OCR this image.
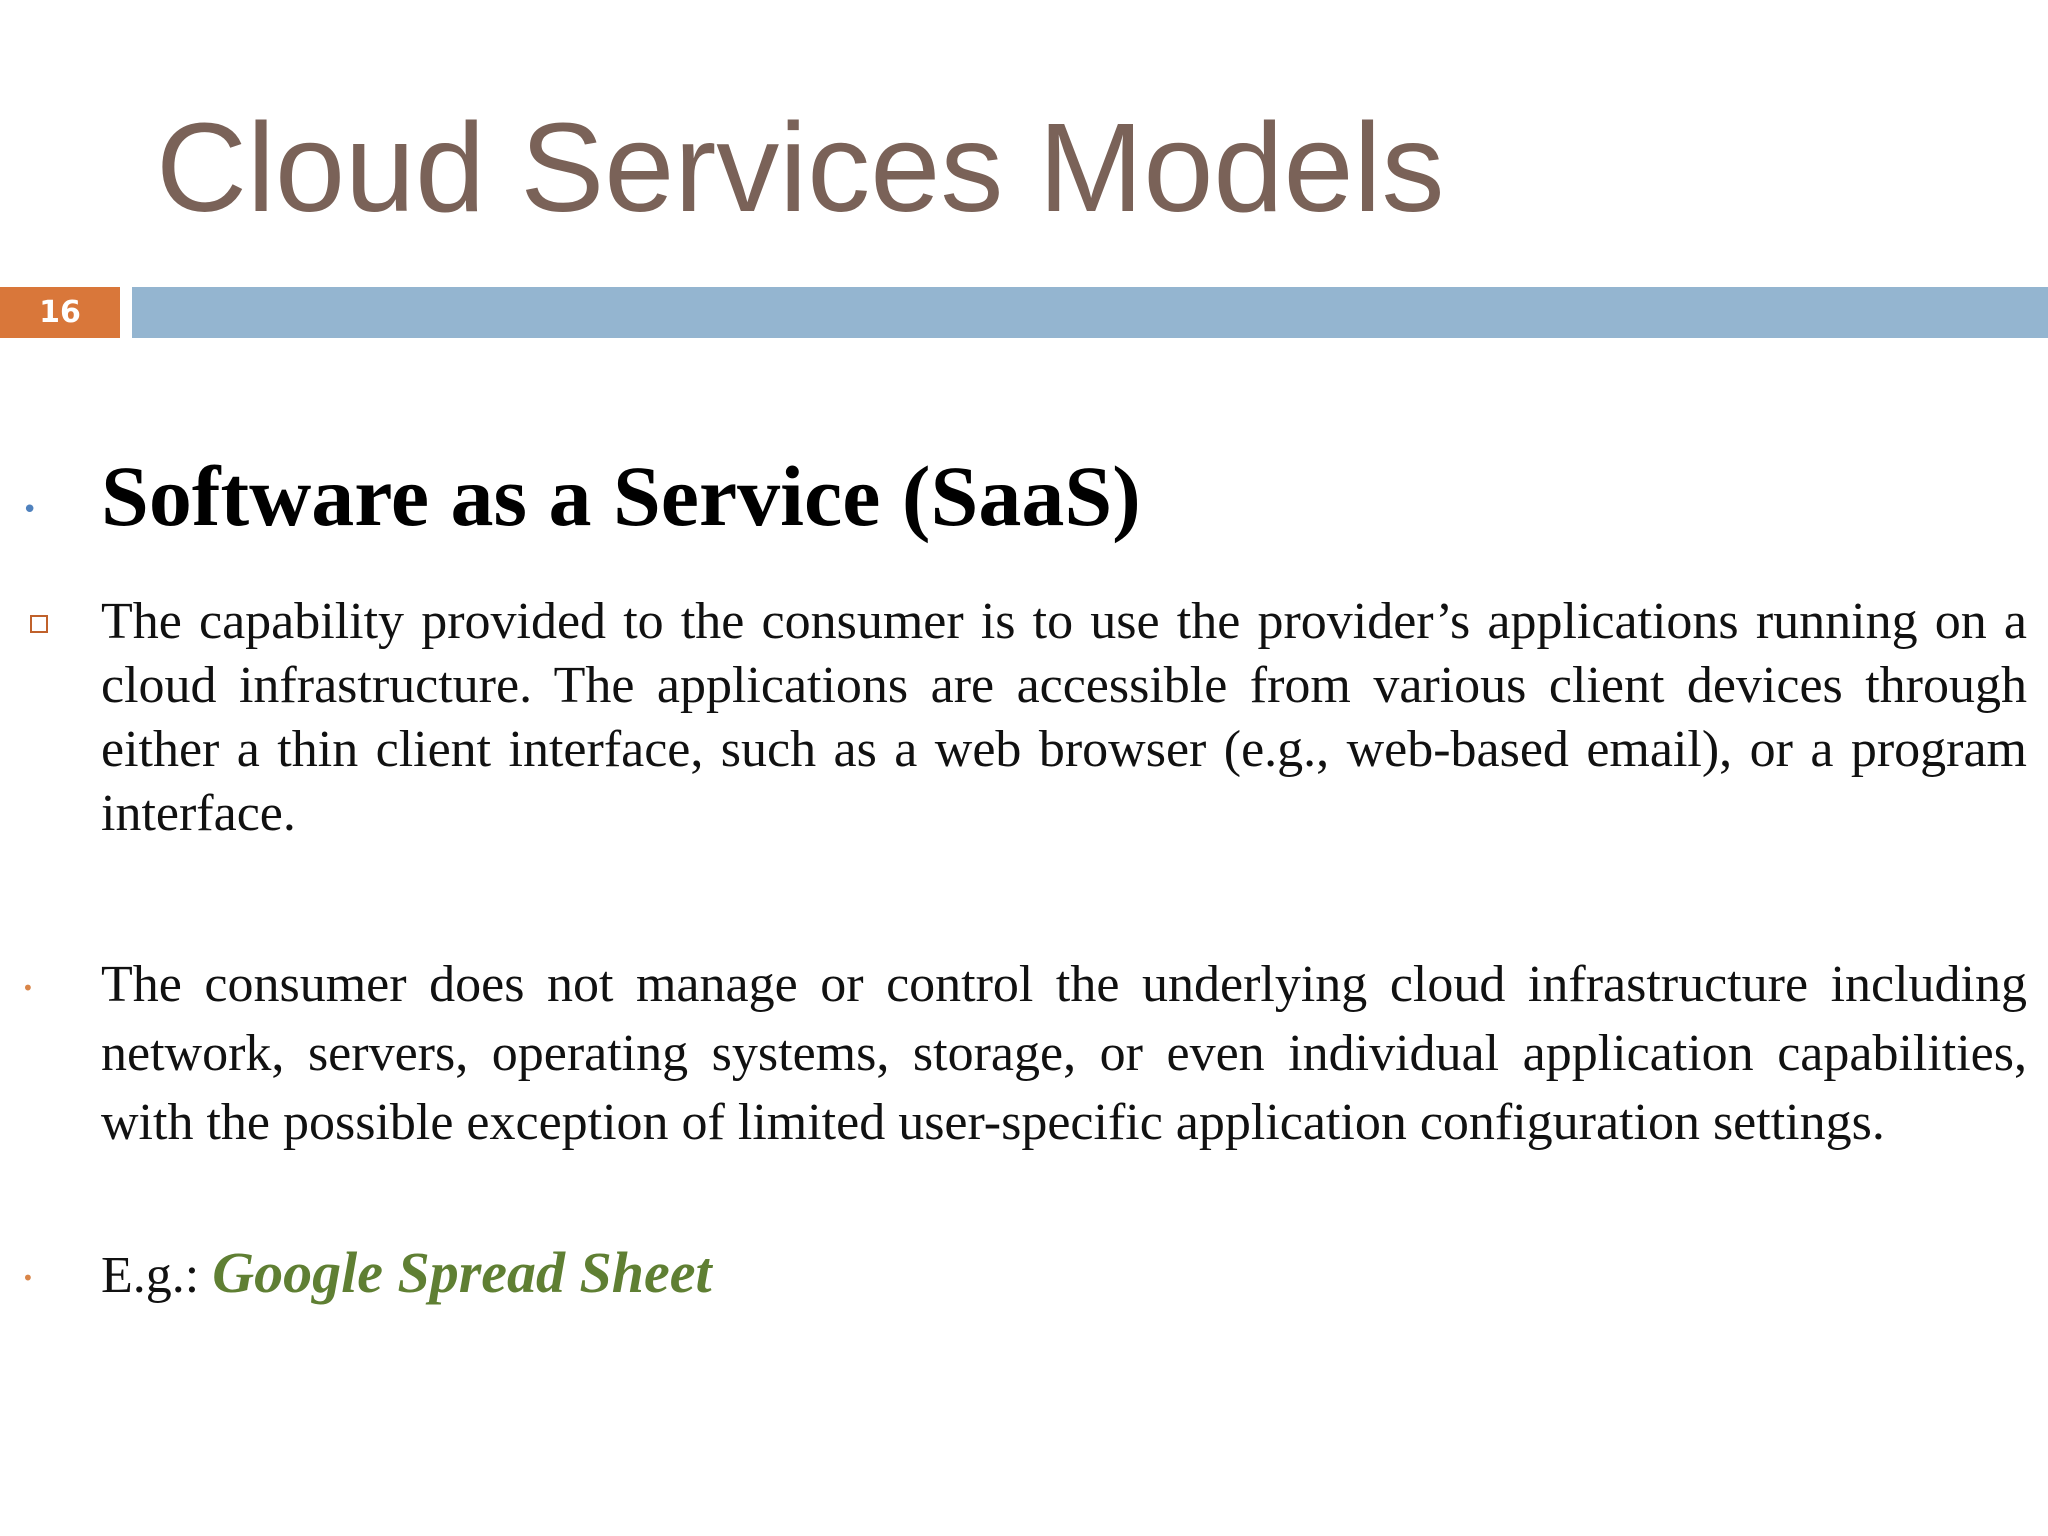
Cloud Services Models
16
• Software as a Service (SaaS)

The capability provided to the consumer is to use the provider’s applications running on a cloud infrastructure. The applications are accessible from various client devices through either a thin client interface, such as a web browser (e.g., web-based email), or a program interface.

• The consumer does not manage or control the underlying cloud infrastructure including network, servers, operating systems, storage, or even individual application capabilities, with the possible exception of limited user-specific application configuration settings.

• E.g.: Google Spread Sheet
